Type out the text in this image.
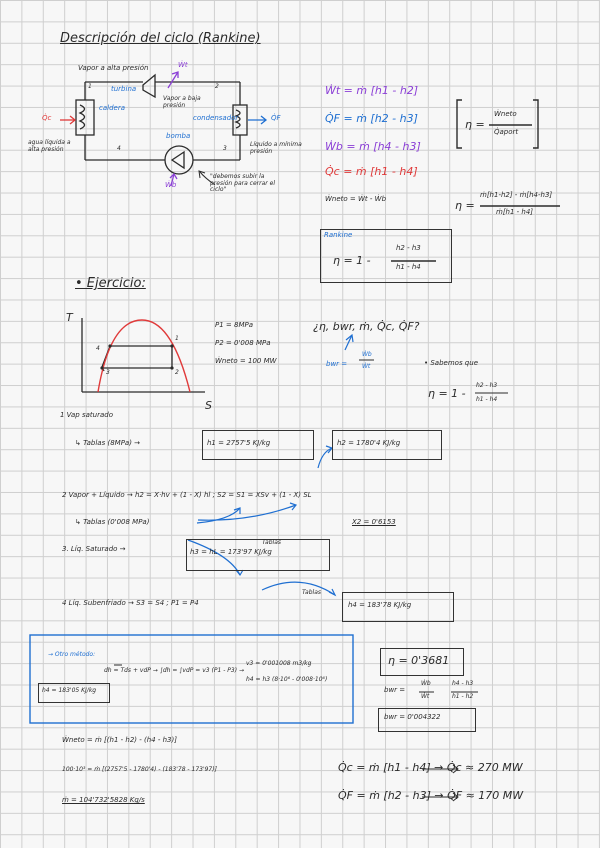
Descripción del ciclo (Rankine)
Vapor a alta presión	Ẇt
turbina
Vapor a baja presión
1	2
3
4
Q̇c
caldera
condensador	Q̇F
bomba
Ẇb
agua líquida a alta presión
Líquido a mínima presión
"debemos subir la presión para cerrar el ciclo"
Ẇt = ṁ [h1 - h2]
Q̇F = ṁ [h2 - h3]
Ẇb = ṁ [h4 - h3]
Q̇c = ṁ [h1 - h4]
Ẇneto = Ẇt - Ẇb
η =
Ẇneto
Q̇aport
η =
ṁ[h1-h2] - ṁ[h4-h3]
ṁ[h1 - h4]
Rankine
η = 1 -
h2 - h3
h1 - h4
• Ejercicio:
T
S
1
2
3
4
P1 = 8MPa
P2 = 0'008 MPa
Ẇneto = 100 MW
¿η, bwr, ṁ, Q̇c, Q̇F?
bwr =
Ẇb
Ẇt	• Sabemos que
η = 1 -
h2 - h3
h1 - h4
1 Vap saturado
↳ Tablas (8MPa) →	h1 = 2757'5 KJ/kg	h2 = 1780'4 KJ/kg
2 Vapor + Líquido → h2 = X·hv + (1 - X) hl ; S2 = S1 = XSv + (1 - X) SL
↳ Tablas (0'008 MPa)	X2 = 0'6153
3. Líq. Saturado →	h3 = hL = 173'97 KJ/kg
Tablas
4 Líq. Subenfriado → S3 = S4 ; P1 = P4
Tablas
h4 = 183'78 KJ/kg
→ Otro método:
dh = Tds + vdP → ∫dh = ∫vdP = v3 (P1 - P3) →
v3 = 0'001008 m3/kg
h4 = h3 (8·10⁶ - 0'008·10⁶)
h4 = 183'05 KJ/kg
η = 0'3681
bwr =
Ẇb
Ẇt
h4 - h3
h1 - h2
bwr = 0'004322
Ẇneto = ṁ [(h1 - h2) - (h4 - h3)]
100·10³ = ṁ [(2757'5 - 1780'4) - (183'78 - 173'97)]
ṁ = 104'732'5828 Kg/s
Q̇c = ṁ [h1 - h4] → Q̇c ≈ 270 MW
Q̇F = ṁ [h2 - h3] → Q̇F ≈ 170 MW
